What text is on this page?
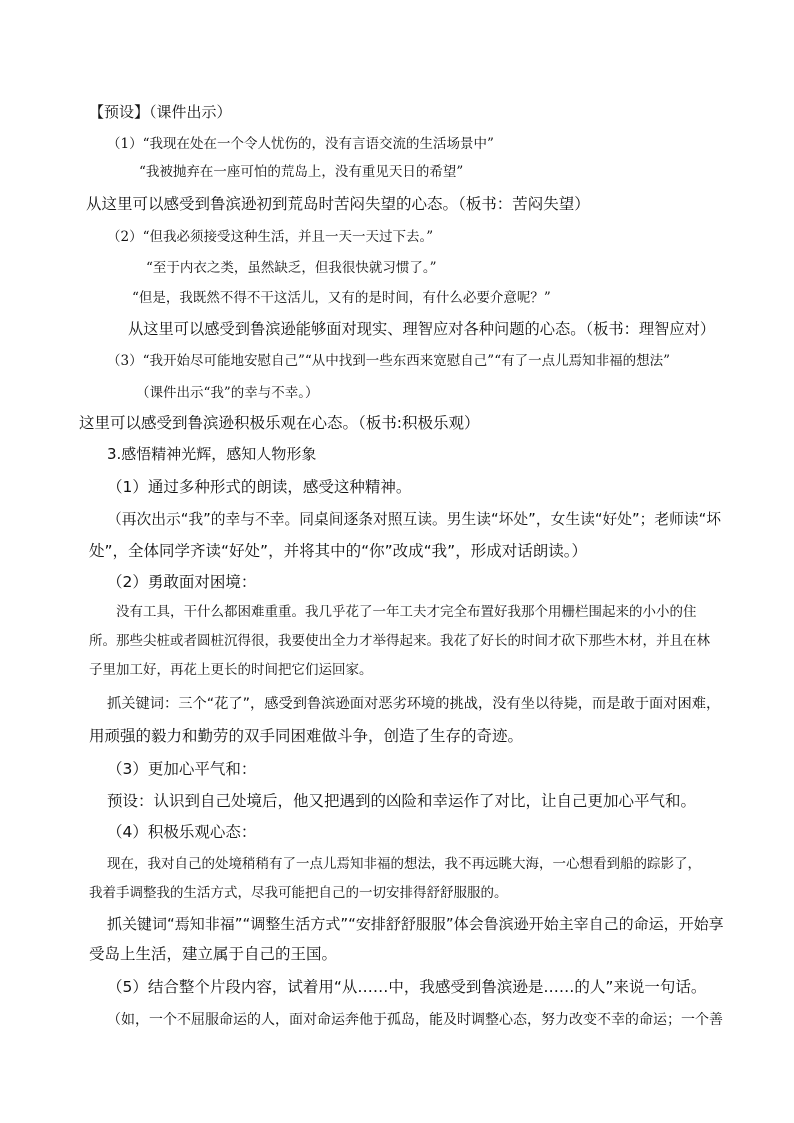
【预设】（课件出示）
（1）“我现在处在一个令人忧伤的，没有言语交流的生活场景中”
“我被抛弃在一座可怕的荒岛上，没有重见天日的希望”
从这里可以感受到鲁滨逊初到荒岛时苦闷失望的心态。（板书：苦闷失望）
（2）“但我必须接受这种生活，并且一天一天过下去。”
“至于内衣之类，虽然缺乏，但我很快就习惯了。”
“但是，我既然不得不干这活儿，又有的是时间，有什么必要介意呢？”
从这里可以感受到鲁滨逊能够面对现实、理智应对各种问题的心态。（板书：理智应对）
（3）“我开始尽可能地安慰自己”“从中找到一些东西来宽慰自己”“有了一点儿焉知非福的想法”
（课件出示“我”的幸与不幸。）
这里可以感受到鲁滨逊积极乐观在心态。（板书:积极乐观）
3.感悟精神光辉，感知人物形象
（1）通过多种形式的朗读，感受这种精神。
（再次出示“我”的幸与不幸。同桌间逐条对照互读。男生读“坏处”，女生读“好处”；老师读“坏
处”，全体同学齐读“好处”，并将其中的“你”改成“我”，形成对话朗读。）
（2）勇敢面对困境：
没有工具，干什么都困难重重。我几乎花了一年工夫才完全布置好我那个用栅栏围起来的小小的住
所。那些尖桩或者圆桩沉得很，我要使出全力才举得起来。我花了好长的时间才砍下那些木材，并且在林
子里加工好，再花上更长的时间把它们运回家。
抓关键词：三个“花了”，感受到鲁滨逊面对恶劣环境的挑战，没有坐以待毙，而是敢于面对困难，
用顽强的毅力和勤劳的双手同困难做斗争，创造了生存的奇迹。
（3）更加心平气和：
预设：认识到自己处境后，他又把遇到的凶险和幸运作了对比，让自己更加心平气和。
（4）积极乐观心态：
现在，我对自己的处境稍稍有了一点儿焉知非福的想法，我不再远眺大海，一心想看到船的踪影了，
我着手调整我的生活方式，尽我可能把自己的一切安排得舒舒服服的。
抓关键词“焉知非福”“调整生活方式”“安排舒舒服服”体会鲁滨逊开始主宰自己的命运，开始享
受岛上生活，建立属于自己的王国。
（5）结合整个片段内容，试着用“从……中，我感受到鲁滨逊是……的人”来说一句话。
（如，一个不屈服命运的人，面对命运奔他于孤岛，能及时调整心态，努力改变不幸的命运；一个善
